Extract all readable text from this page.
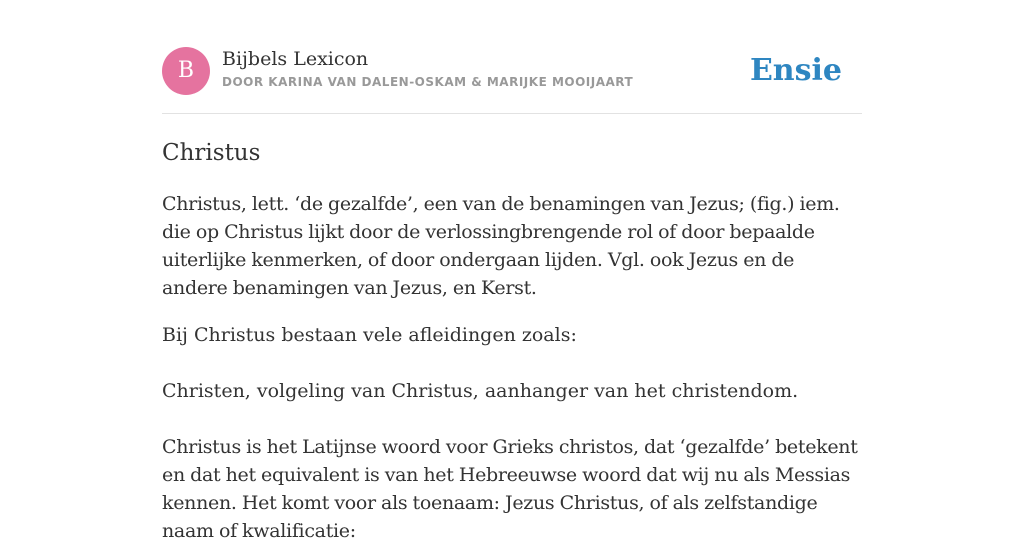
B	Bijbels Lexicon
DOOR KARINA VAN DALEN-OSKAM & MARIJKE MOOIJAART	Ensie
Christus

Christus, lett. ‘de gezalfde’, een van de benamingen van Jezus; (fig.) iem. die op Christus lijkt door de verlossingbrengende rol of door bepaalde uiterlijke kenmerken, of door ondergaan lijden. Vgl. ook Jezus en de andere benamingen van Jezus, en Kerst.

Bij Christus bestaan vele afleidingen zoals:

Christen, volgeling van Christus, aanhanger van het christendom.

Christus is het Latijnse woord voor Grieks christos, dat ‘gezalfde’ betekent en dat het equivalent is van het Hebreeuwse woord dat wij nu als Messias kennen. Het komt voor als toenaam: Jezus Christus, of als zelfstandige naam of kwalificatie:
